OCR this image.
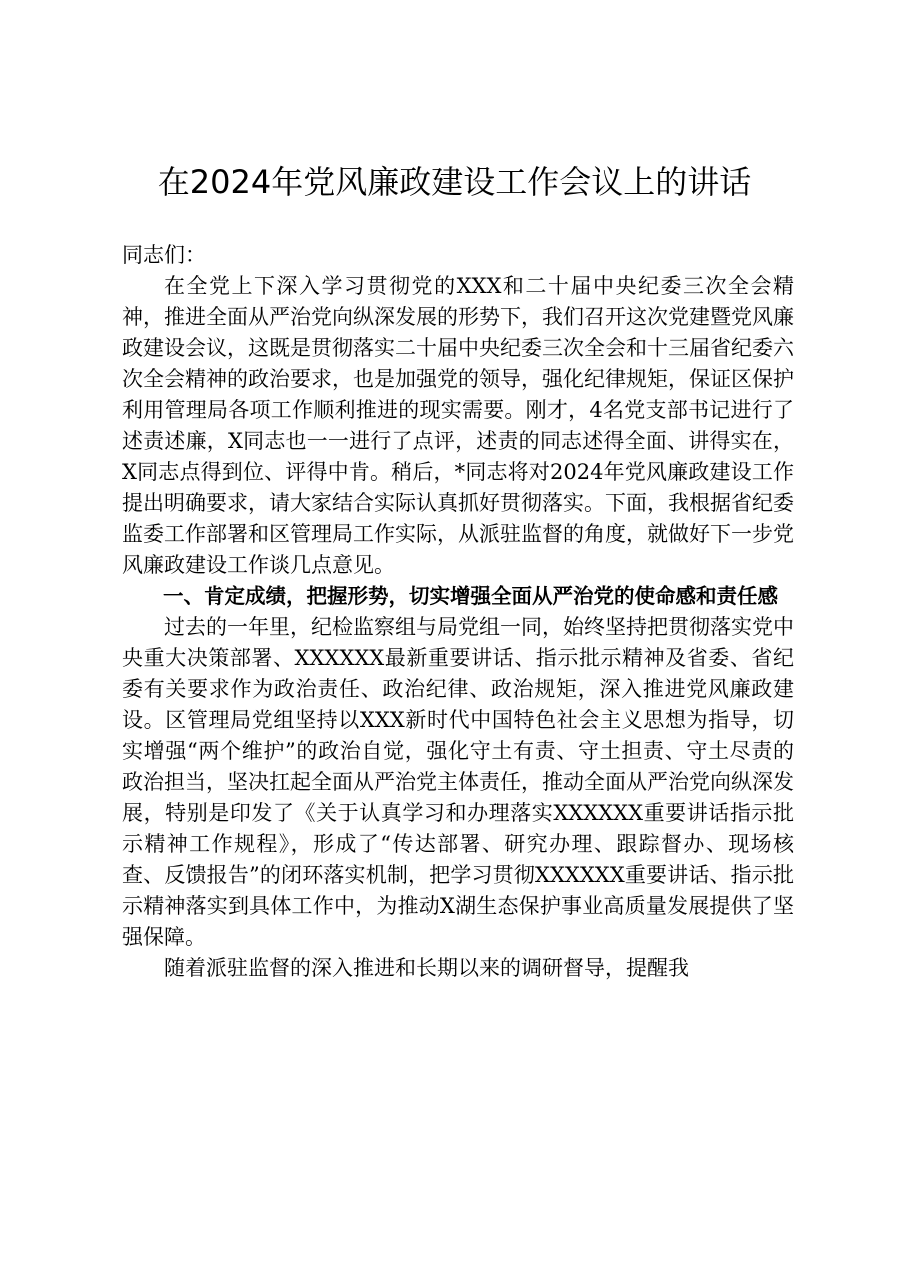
在2024年党风廉政建设工作会议上的讲话

同志们：

在全党上下深入学习贯彻党的XXX和二十届中央纪委三次全会精神，推进全面从严治党向纵深发展的形势下，我们召开这次党建暨党风廉政建设会议，这既是贯彻落实二十届中央纪委三次全会和十三届省纪委六次全会精神的政治要求，也是加强党的领导，强化纪律规矩，保证区保护利用管理局各项工作顺利推进的现实需要。刚才，4名党支部书记进行了述责述廉，X同志也一一进行了点评，述责的同志述得全面、讲得实在，X同志点得到位、评得中肯。稍后，*同志将对2024年党风廉政建设工作提出明确要求，请大家结合实际认真抓好贯彻落实。下面，我根据省纪委监委工作部署和区管理局工作实际，从派驻监督的角度，就做好下一步党风廉政建设工作谈几点意见。

一、肯定成绩，把握形势，切实增强全面从严治党的使命感和责任感

过去的一年里，纪检监察组与局党组一同，始终坚持把贯彻落实党中央重大决策部署、XXXXXX最新重要讲话、指示批示精神及省委、省纪委有关要求作为政治责任、政治纪律、政治规矩，深入推进党风廉政建设。区管理局党组坚持以XXX新时代中国特色社会主义思想为指导，切实增强“两个维护”的政治自觉，强化守土有责、守土担责、守土尽责的政治担当，坚决扛起全面从严治党主体责任，推动全面从严治党向纵深发展，特别是印发了《关于认真学习和办理落实XXXXXX重要讲话指示批示精神工作规程》，形成了“传达部署、研究办理、跟踪督办、现场核查、反馈报告”的闭环落实机制，把学习贯彻XXXXXX重要讲话、指示批示精神落实到具体工作中，为推动X湖生态保护事业高质量发展提供了坚强保障。

随着派驻监督的深入推进和长期以来的调研督导，提醒我
